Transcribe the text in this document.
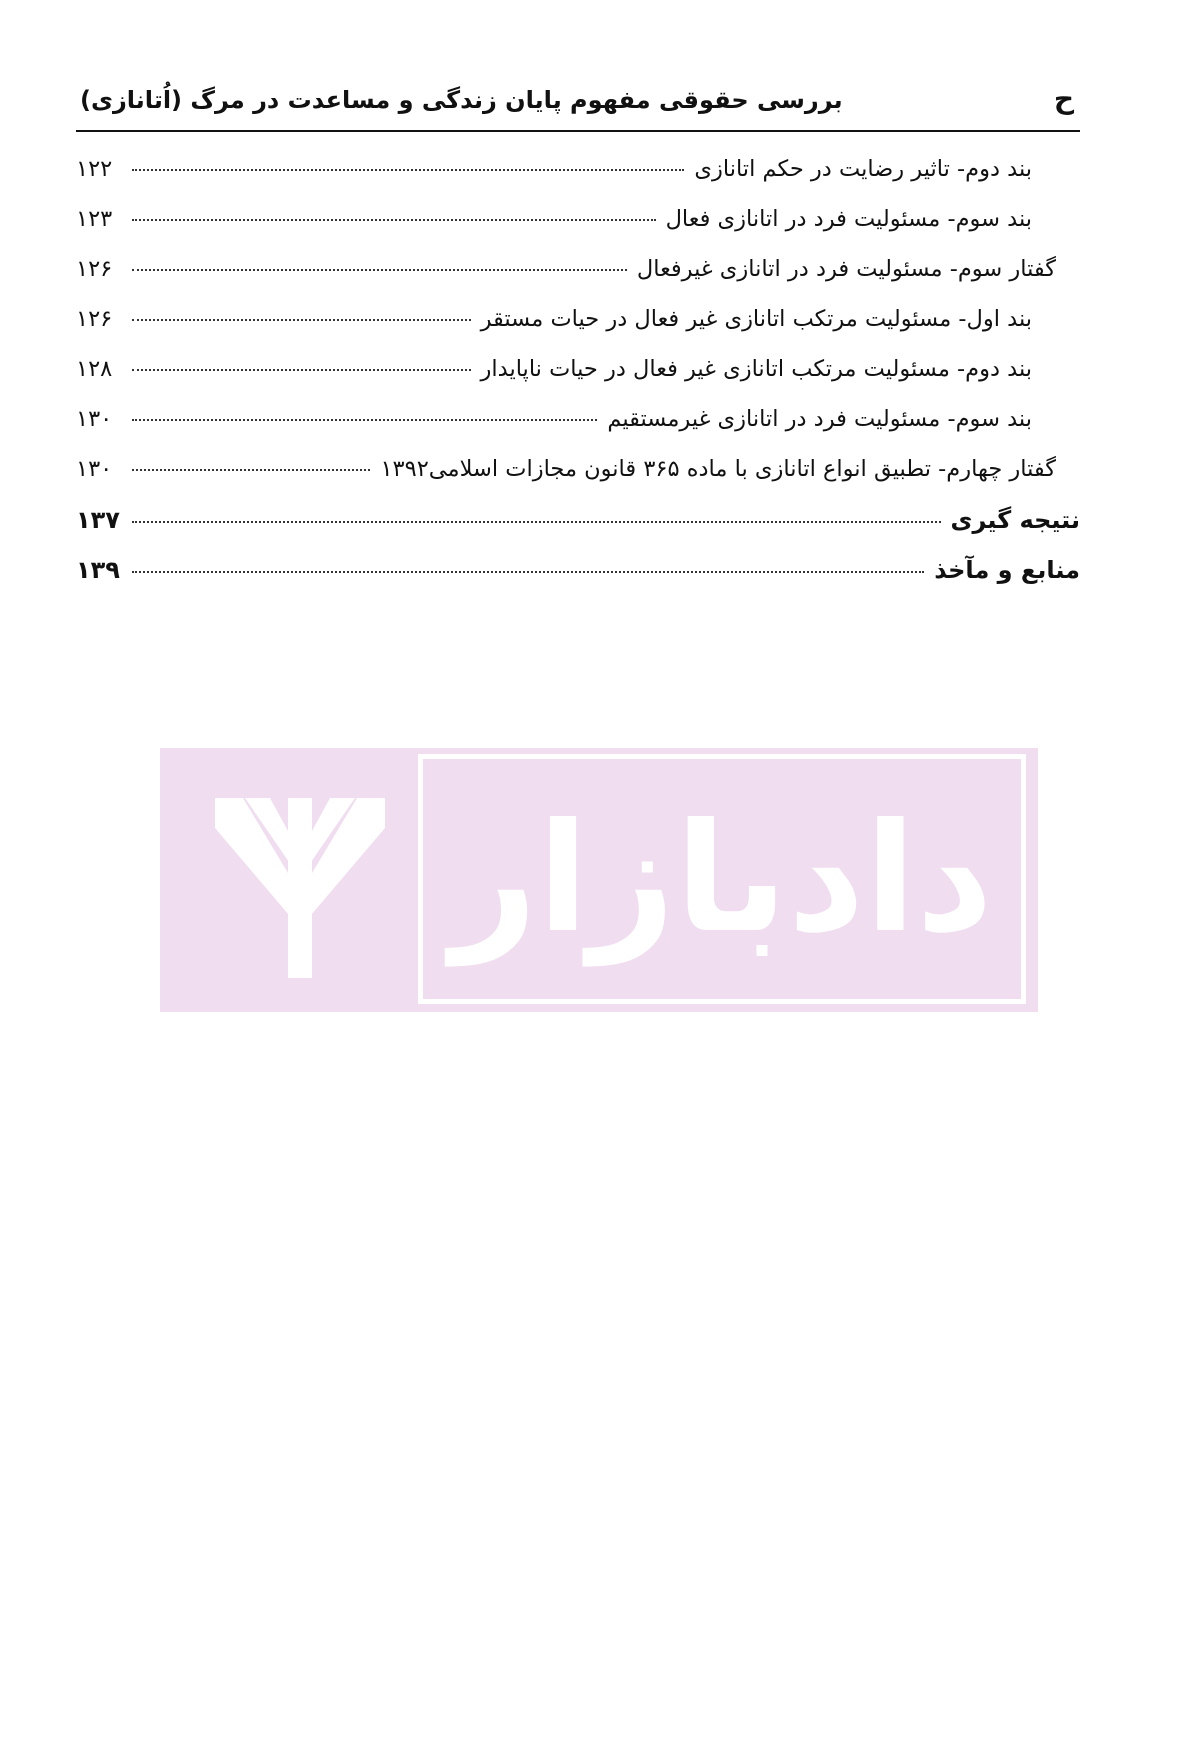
ح
بررسی حقوقی مفهوم پایان زندگی و مساعدت در مرگ (اُتانازی)
بند دوم- تاثیر رضایت در حکم اتانازی
۱۲۲
بند سوم- مسئولیت فرد در اتانازی فعال
۱۲۳
گفتار سوم- مسئولیت فرد در اتانازی غیرفعال
۱۲۶
بند اول- مسئولیت مرتکب اتانازی غیر فعال در حیات مستقر
۱۲۶
بند دوم- مسئولیت مرتکب اتانازی غیر فعال در حیات ناپایدار
۱۲۸
بند سوم- مسئولیت فرد در اتانازی غیرمستقیم
۱۳۰
گفتار چهارم- تطبیق انواع اتانازی با ماده ۳۶۵ قانون مجازات اسلامی۱۳۹۲
۱۳۰
نتیجه گیری
۱۳۷
منابع و مآخذ
۱۳۹
دادبازار
